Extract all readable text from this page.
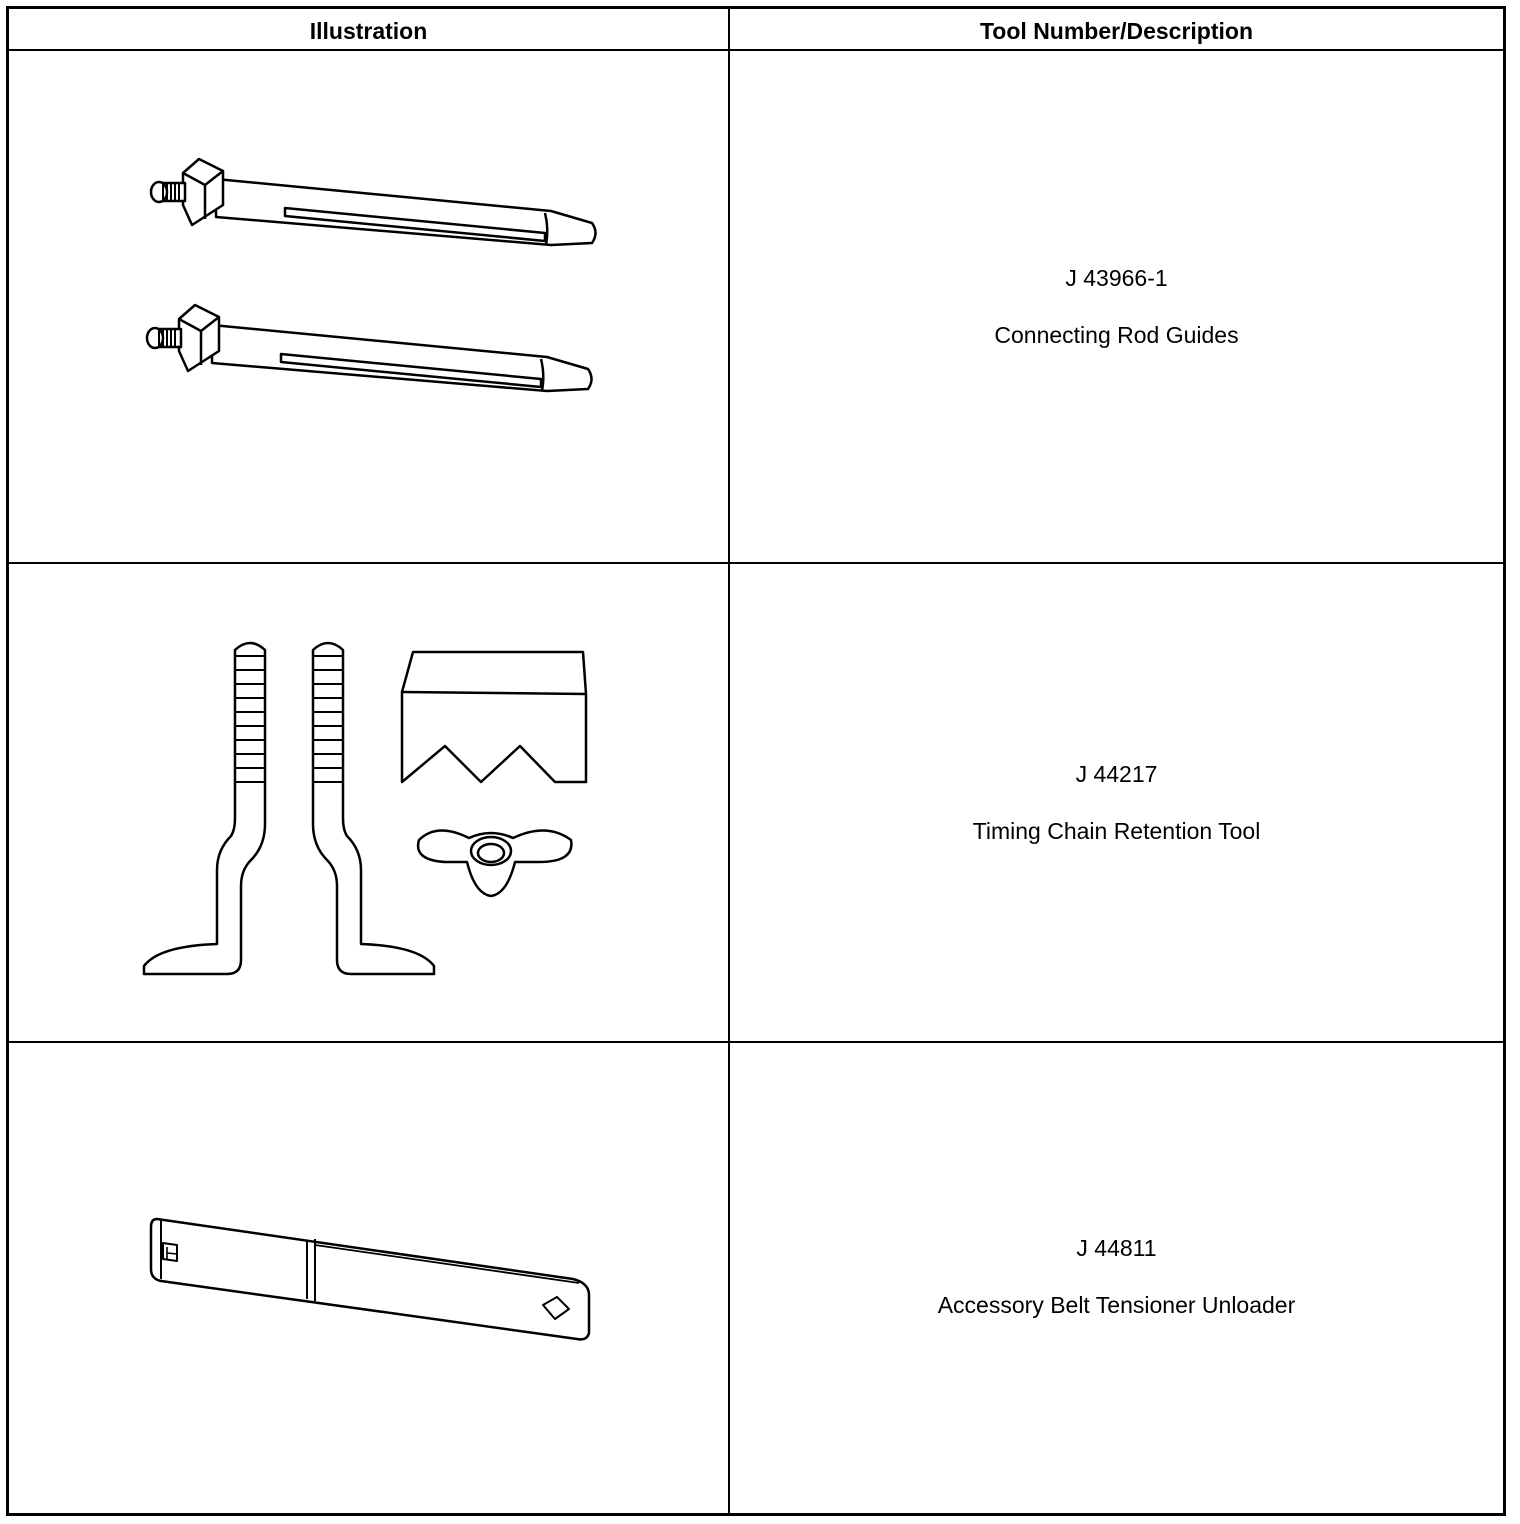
Illustration	Tool Number/Description
J 43966-1
Connecting Rod Guides
J 44217
Timing Chain Retention Tool
J 44811
Accessory Belt Tensioner Unloader
